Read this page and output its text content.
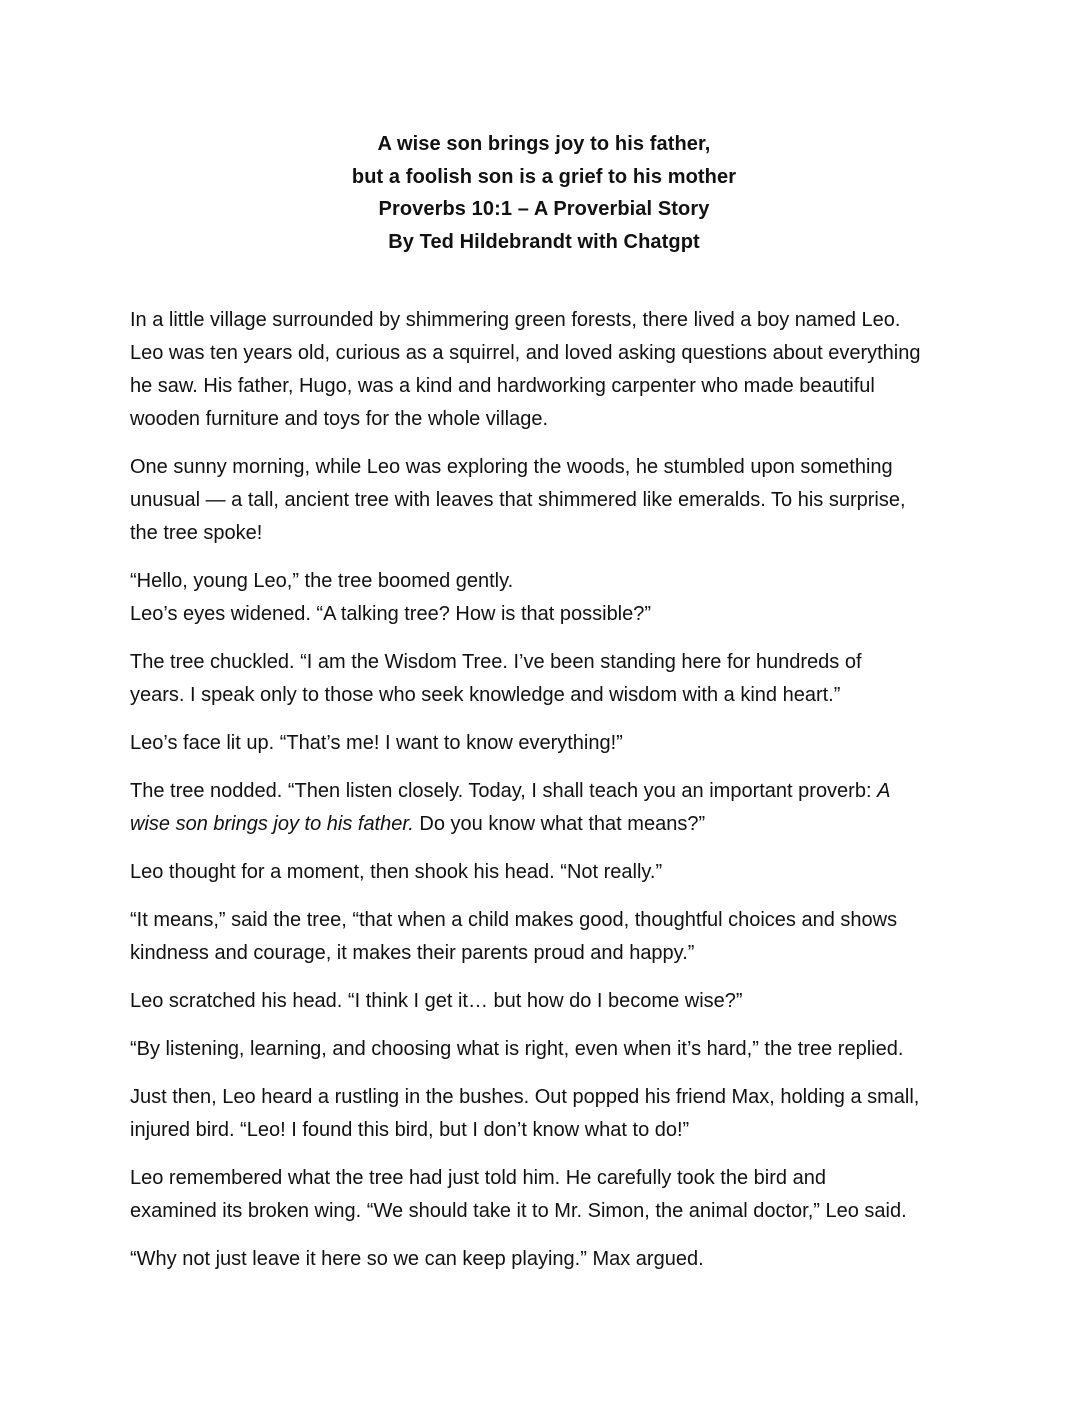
A wise son brings joy to his father,
but a foolish son is a grief to his mother
Proverbs 10:1 – A Proverbial Story
By Ted Hildebrandt with Chatgpt

In a little village surrounded by shimmering green forests, there lived a boy named Leo.
Leo was ten years old, curious as a squirrel, and loved asking questions about everything
he saw. His father, Hugo, was a kind and hardworking carpenter who made beautiful
wooden furniture and toys for the whole village.

One sunny morning, while Leo was exploring the woods, he stumbled upon something
unusual — a tall, ancient tree with leaves that shimmered like emeralds. To his surprise,
the tree spoke!

“Hello, young Leo,” the tree boomed gently.
Leo’s eyes widened. “A talking tree? How is that possible?”

The tree chuckled. “I am the Wisdom Tree. I’ve been standing here for hundreds of
years. I speak only to those who seek knowledge and wisdom with a kind heart.”

Leo’s face lit up. “That’s me! I want to know everything!”

The tree nodded. “Then listen closely. Today, I shall teach you an important proverb: A
wise son brings joy to his father. Do you know what that means?”

Leo thought for a moment, then shook his head. “Not really.”

“It means,” said the tree, “that when a child makes good, thoughtful choices and shows
kindness and courage, it makes their parents proud and happy.”

Leo scratched his head. “I think I get it… but how do I become wise?”

“By listening, learning, and choosing what is right, even when it’s hard,” the tree replied.

Just then, Leo heard a rustling in the bushes. Out popped his friend Max, holding a small,
injured bird. “Leo! I found this bird, but I don’t know what to do!”

Leo remembered what the tree had just told him. He carefully took the bird and
examined its broken wing. “We should take it to Mr. Simon, the animal doctor,” Leo said.

“Why not just leave it here so we can keep playing.” Max argued.
